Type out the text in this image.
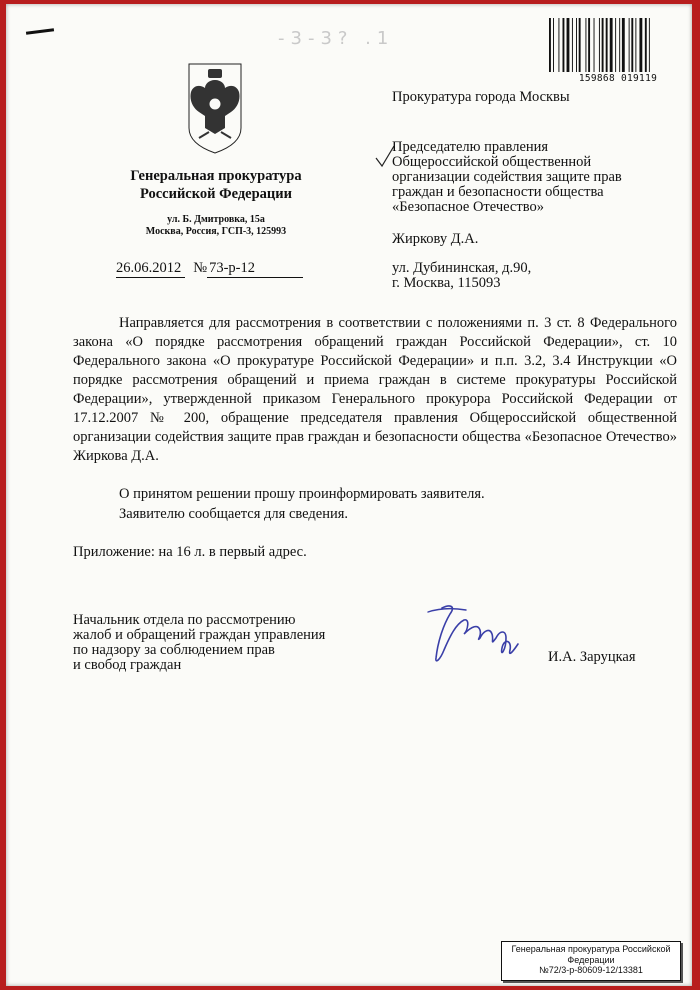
-3-3? .1
159868 019119
Генеральная прокуратура
Российской Федерации
ул. Б. Дмитровка, 15а
Москва, Россия, ГСП-3, 125993
26.06.2012 № 73-р-12
Прокуратура города Москвы
Председателю правления
Общероссийской общественной
организации содействия защите прав
граждан и безопасности общества
«Безопасное Отечество»
Жиркову Д.А.
ул. Дубининская, д.90,
г. Москва, 115093
Направляется для рассмотрения в соответствии с положениями п. 3 ст. 8 Федерального закона «О порядке рассмотрения обращений граждан Российской Федерации», ст. 10 Федерального закона «О прокуратуре Российской Федерации» и п.п. 3.2, 3.4 Инструкции «О порядке рассмотрения обращений и приема граждан в системе прокуратуры Российской Федерации», утвержденной приказом Генерального прокурора Российской Федерации от 17.12.2007 № 200, обращение председателя правления Общероссийской общественной организации содействия защите прав граждан и безопасности общества «Безопасное Отечество» Жиркова Д.А.
О принятом решении прошу проинформировать заявителя.
Заявителю сообщается для сведения.
Приложение: на 16 л. в первый адрес.
Начальник отдела по рассмотрению
жалоб и обращений граждан управления
по надзору за соблюдением прав
и свобод граждан	И.А. Заруцкая
Генеральная прокуратура Российской
Федерации
№72/3-р-80609-12/13381
